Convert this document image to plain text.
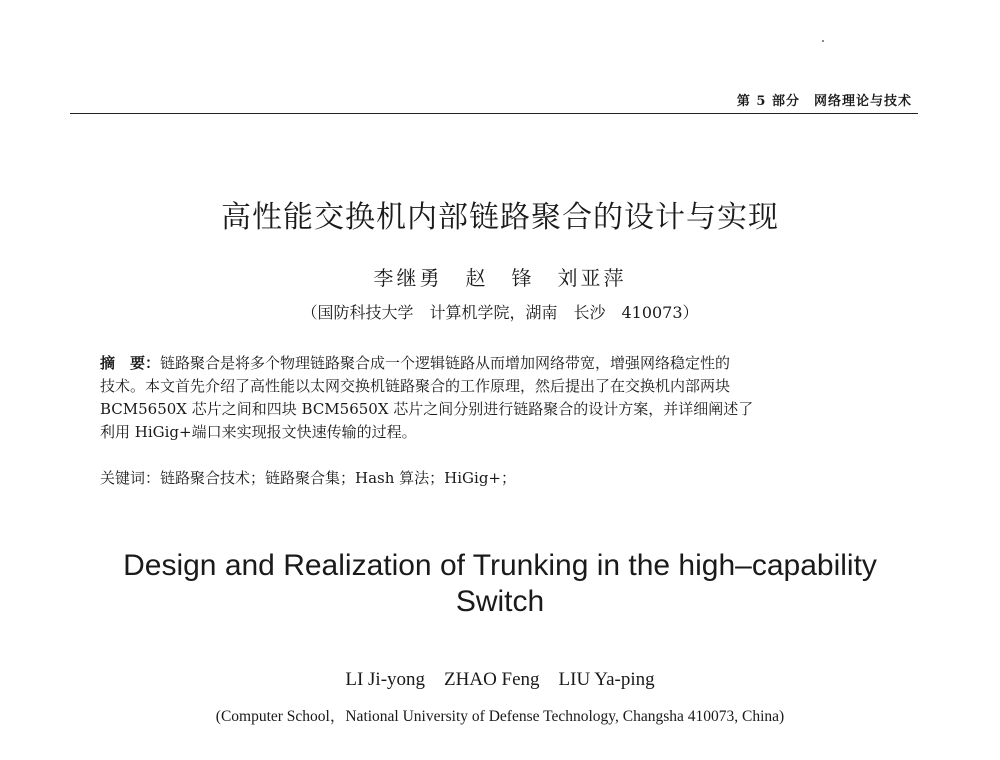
第 5 部分　网络理论与技术
高性能交换机内部链路聚合的设计与实现
李继勇　赵　锋　刘亚萍
（国防科技大学　计算机学院，湖南　长沙　410073）

摘　要：链路聚合是将多个物理链路聚合成一个逻辑链路从而增加网络带宽，增强网络稳定性的

技术。本文首先介绍了高性能以太网交换机链路聚合的工作原理，然后提出了在交换机内部两块

BCM5650X 芯片之间和四块 BCM5650X 芯片之间分别进行链路聚合的设计方案，并详细阐述了

利用 HiGig+端口来实现报文快速传输的过程。

关键词：链路聚合技术；链路聚合集；Hash 算法；HiGig+；
Design and Realization of Trunking in the high–capability
Switch
LI Ji-yong　ZHAO Feng　LIU Ya-ping
(Computer School，National University of Defense Technology, Changsha 410073, China)
